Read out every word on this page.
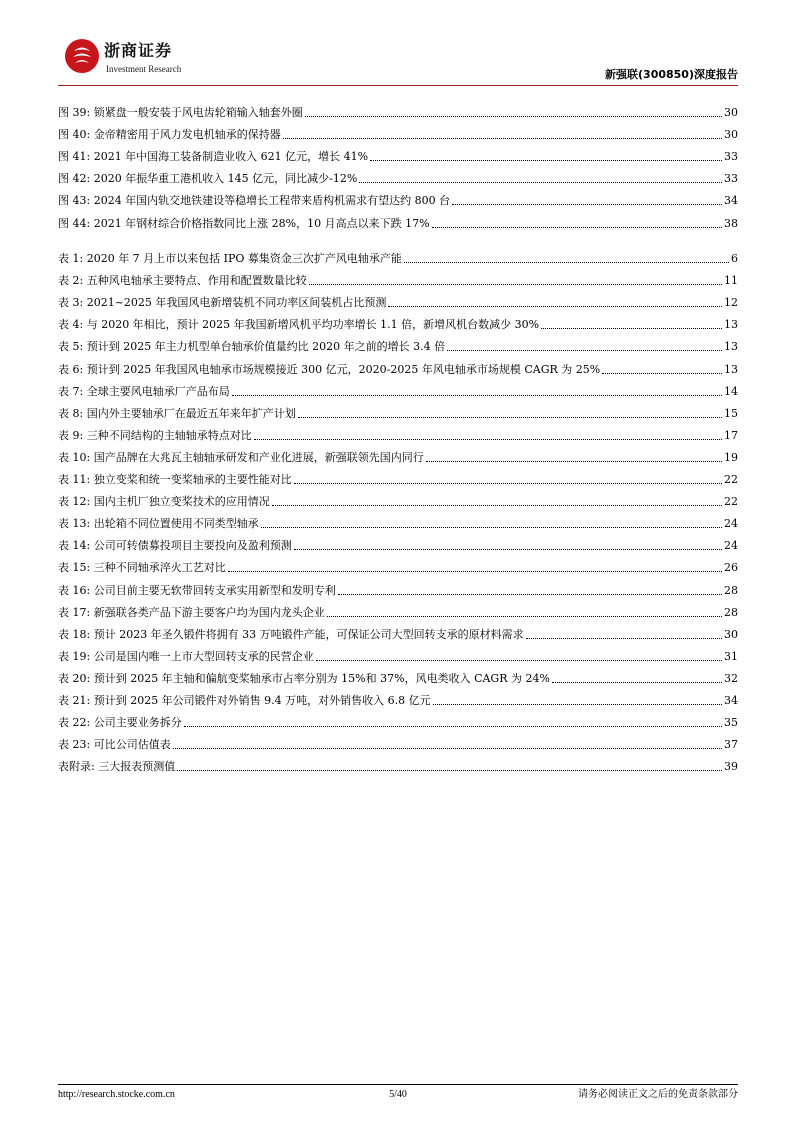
浙商证券
Investment Research	新强联(300850)深度报告
图 39: 锁紧盘一般安装于风电齿轮箱输入轴套外圈	30
图 40: 金帝精密用于风力发电机轴承的保持器	30
图 41: 2021 年中国海工装备制造业收入 621 亿元，增长 41%	33
图 42: 2020 年振华重工港机收入 145 亿元，同比减少-12%	33
图 43: 2024 年国内轨交地铁建设等稳增长工程带来盾构机需求有望达约 800 台	34
图 44: 2021 年钢材综合价格指数同比上涨 28%，10 月高点以来下跌 17%	38
表 1: 2020 年 7 月上市以来包括 IPO 募集资金三次扩产风电轴承产能	6
表 2: 五种风电轴承主要特点、作用和配置数量比较	11
表 3: 2021~2025 年我国风电新增装机不同功率区间装机占比预测	12
表 4: 与 2020 年相比，预计 2025 年我国新增风机平均功率增长 1.1 倍，新增风机台数减少 30%	13
表 5: 预计到 2025 年主力机型单台轴承价值量约比 2020 年之前的增长 3.4 倍	13
表 6: 预计到 2025 年我国风电轴承市场规模接近 300 亿元，2020-2025 年风电轴承市场规模 CAGR 为 25%	13
表 7: 全球主要风电轴承厂产品布局	14
表 8: 国内外主要轴承厂在最近五年来年扩产计划	15
表 9: 三种不同结构的主轴轴承特点对比	17
表 10: 国产品牌在大兆瓦主轴轴承研发和产业化进展，新强联领先国内同行	19
表 11: 独立变桨和统一变桨轴承的主要性能对比	22
表 12: 国内主机厂独立变桨技术的应用情况	22
表 13: 出轮箱不同位置使用不同类型轴承	24
表 14: 公司可转债募投项目主要投向及盈利预测	24
表 15: 三种不同轴承淬火工艺对比	26
表 16: 公司目前主要无软带回转支承实用新型和发明专利	28
表 17: 新强联各类产品下游主要客户均为国内龙头企业	28
表 18: 预计 2023 年圣久锻件将拥有 33 万吨锻件产能，可保证公司大型回转支承的原材料需求	30
表 19: 公司是国内唯一上市大型回转支承的民营企业	31
表 20: 预计到 2025 年主轴和偏航变桨轴承市占率分别为 15%和 37%，风电类收入 CAGR 为 24%	32
表 21: 预计到 2025 年公司锻件对外销售 9.4 万吨，对外销售收入 6.8 亿元	34
表 22: 公司主要业务拆分	35
表 23: 可比公司估值表	37
表附录: 三大报表预测值	39
http://research.stocke.com.cn	5/40	请务必阅读正文之后的免责条款部分
